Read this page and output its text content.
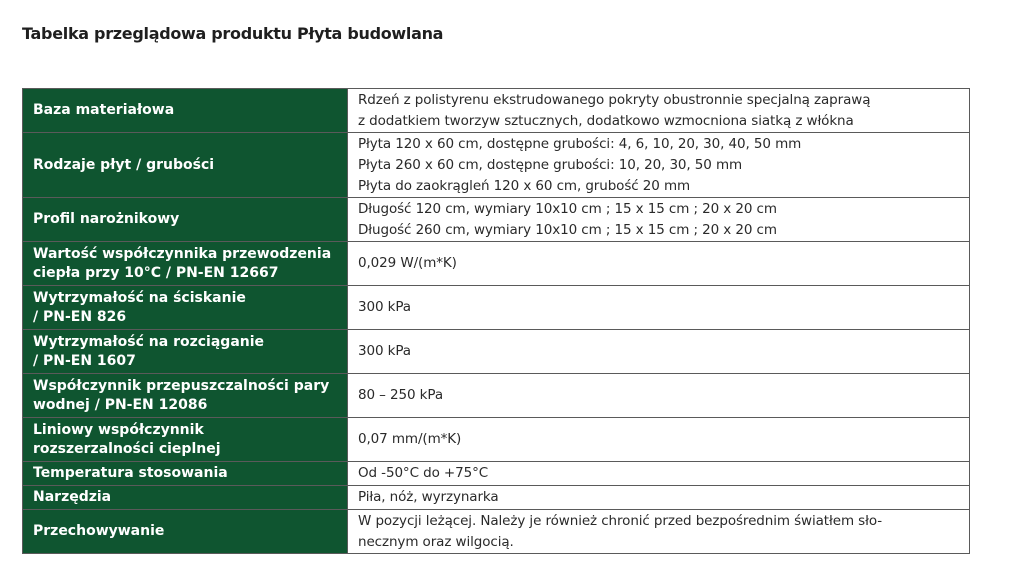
Tabelka przeglądowa produktu Płyta budowlana
Baza materiałowa	Rdzeń z polistyrenu ekstrudowanego pokryty obustronnie specjalną zaprawą
z dodatkiem tworzyw sztucznych, dodatkowo wzmocniona siatką z włókna

Rodzaje płyt / grubości	Płyta 120 x 60 cm, dostępne grubości: 4, 6, 10, 20, 30, 40, 50 mm
Płyta 260 x 60 cm, dostępne grubości: 10, 20, 30, 50 mm
Płyta do zaokrągleń 120 x 60 cm, grubość 20 mm

Profil narożnikowy	Długość 120 cm, wymiary 10x10 cm ; 15 x 15 cm ; 20 x 20 cm
Długość 260 cm, wymiary 10x10 cm ; 15 x 15 cm ; 20 x 20 cm

Wartość współczynnika przewodzenia
ciepła przy 10°C / PN-EN 12667	0,029 W/(m*K)

Wytrzymałość na ściskanie
/ PN-EN 826	300 kPa

Wytrzymałość na rozciąganie
/ PN-EN 1607	300 kPa

Współczynnik przepuszczalności pary
wodnej / PN-EN 12086	80 – 250 kPa

Liniowy współczynnik
rozszerzalności cieplnej	0,07 mm/(m*K)

Temperatura stosowania	Od -50°C do +75°C

Narzędzia	Piła, nóż, wyrzynarka

Przechowywanie	W pozycji leżącej. Należy je również chronić przed bezpośrednim światłem sło-
necznym oraz wilgocią.
